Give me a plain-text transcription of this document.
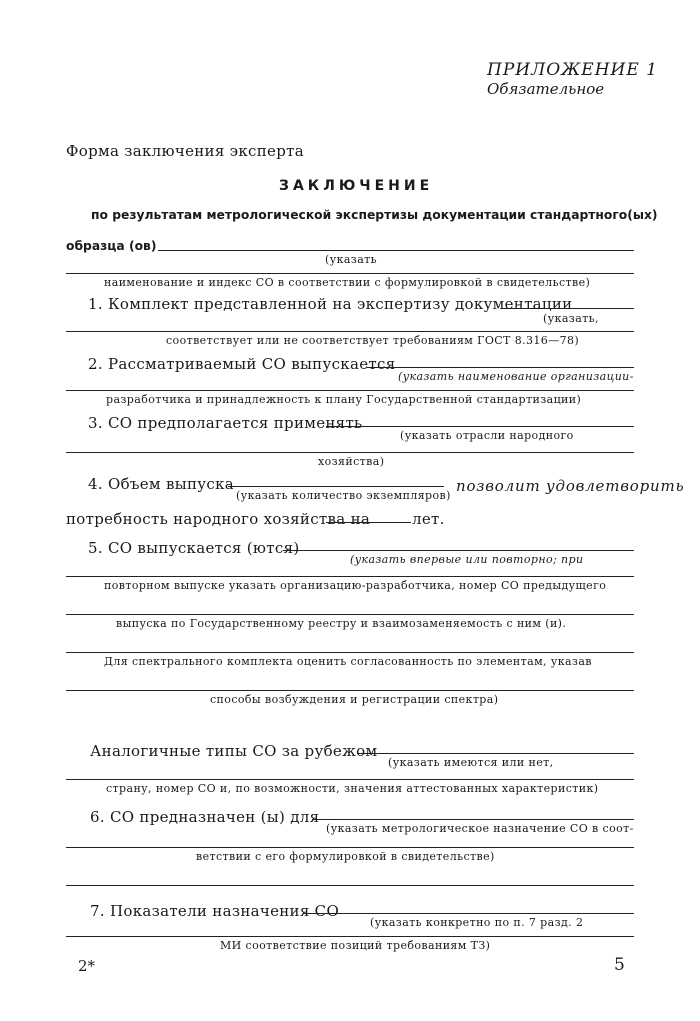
ПРИЛОЖЕНИЕ 1
Обязательное
Форма заключения эксперта
ЗАКЛЮЧЕНИЕ
по результатам метрологической экспертизы документации стандартного(ых)
образца (ов)
(указать
наименование и индекс СО в соответствии с формулировкой в свидетельстве)
1. Комплект представленной на экспертизу документации
(указать,
соответствует или не соответствует требованиям ГОСТ 8.316—78)
2. Рассматриваемый СО выпускается
(указать наименование организации-
разработчика и принадлежность к плану Государственной стандартизации)
3. СО предполагается применять
(указать отрасли народного
хозяйства)
4. Объем выпуска
(указать количество экземпляров)
позволит удовлетворить
потребность народного хозяйства на	лет.
5. СО выпускается (ются)
(указать впервые или повторно; при
повторном выпуске указать организацию-разработчика, номер СО предыдущего
выпуска по Государственному реестру и взаимозаменяемость с ним (и).
Для спектрального комплекта оценить согласованность по элементам, указав
способы возбуждения и регистрации спектра)
Аналогичные типы СО за рубежом
(указать имеются или нет,
страну, номер СО и, по возможности, значения аттестованных характеристик)
6. СО предназначен (ы) для
(указать метрологическое назначение СО в соот-
ветствии с его формулировкой в свидетельстве)
7. Показатели назначения СО
(указать конкретно по п. 7 разд. 2
МИ соответствие позиций требованиям ТЗ)
2*	5
